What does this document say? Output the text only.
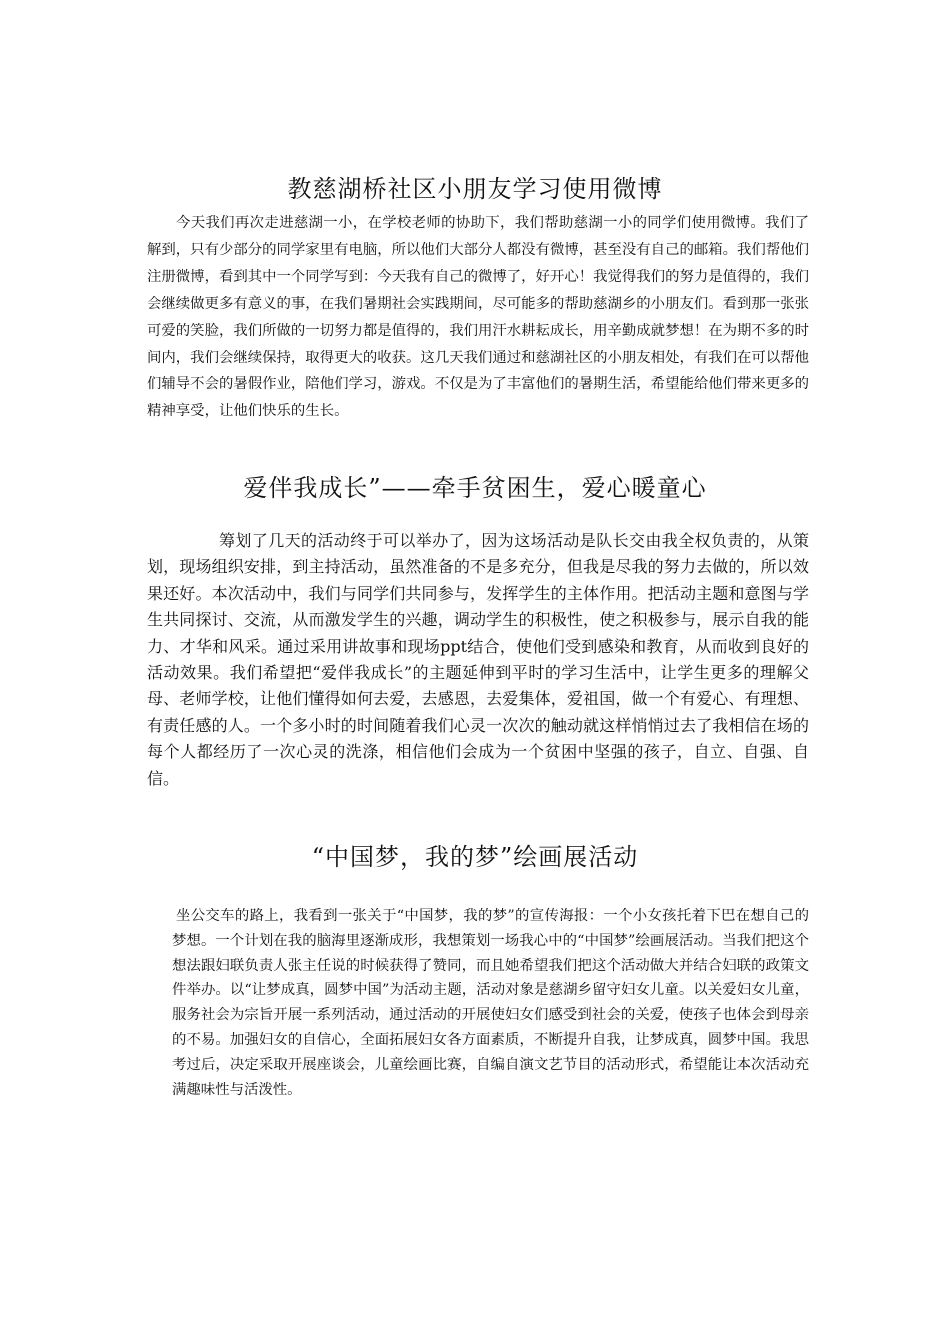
教慈湖桥社区小朋友学习使用微博

今天我们再次走进慈湖一小，在学校老师的协助下，我们帮助慈湖一小的同学们使用微博。我们了解到，只有少部分的同学家里有电脑，所以他们大部分人都没有微博，甚至没有自己的邮箱。我们帮他们注册微博，看到其中一个同学写到：今天我有自己的微博了，好开心！我觉得我们的努力是值得的，我们会继续做更多有意义的事，在我们暑期社会实践期间，尽可能多的帮助慈湖乡的小朋友们。看到那一张张可爱的笑脸，我们所做的一切努力都是值得的，我们用汗水耕耘成长，用辛勤成就梦想！在为期不多的时间内，我们会继续保持，取得更大的收获。这几天我们通过和慈湖社区的小朋友相处，有我们在可以帮他们辅导不会的暑假作业，陪他们学习，游戏。不仅是为了丰富他们的暑期生活，希望能给他们带来更多的精神享受，让他们快乐的生长。

爱伴我成长”——牵手贫困生，爱心暖童心

筹划了几天的活动终于可以举办了，因为这场活动是队长交由我全权负责的，从策划，现场组织安排，到主持活动，虽然准备的不是多充分，但我是尽我的努力去做的，所以效果还好。本次活动中，我们与同学们共同参与，发挥学生的主体作用。把活动主题和意图与学生共同探讨、交流，从而激发学生的兴趣，调动学生的积极性，使之积极参与，展示自我的能力、才华和风采。通过采用讲故事和现场ppt结合，使他们受到感染和教育，从而收到良好的活动效果。我们希望把“爱伴我成长”的主题延伸到平时的学习生活中，让学生更多的理解父母、老师学校，让他们懂得如何去爱，去感恩，去爱集体，爱祖国，做一个有爱心、有理想、有责任感的人。一个多小时的时间随着我们心灵一次次的触动就这样悄悄过去了我相信在场的每个人都经历了一次心灵的洗涤，相信他们会成为一个贫困中坚强的孩子，自立、自强、自信。

“中国梦，我的梦”绘画展活动

坐公交车的路上，我看到一张关于“中国梦，我的梦”的宣传海报：一个小女孩托着下巴在想自己的梦想。一个计划在我的脑海里逐渐成形，我想策划一场我心中的“中国梦”绘画展活动。当我们把这个想法跟妇联负责人张主任说的时候获得了赞同，而且她希望我们把这个活动做大并结合妇联的政策文件举办。以“让梦成真，圆梦中国”为活动主题，活动对象是慈湖乡留守妇女儿童。以关爱妇女儿童，服务社会为宗旨开展一系列活动，通过活动的开展使妇女们感受到社会的关爱，使孩子也体会到母亲的不易。加强妇女的自信心，全面拓展妇女各方面素质，不断提升自我，让梦成真，圆梦中国。我思考过后，决定采取开展座谈会，儿童绘画比赛，自编自演文艺节目的活动形式，希望能让本次活动充满趣味性与活泼性。
